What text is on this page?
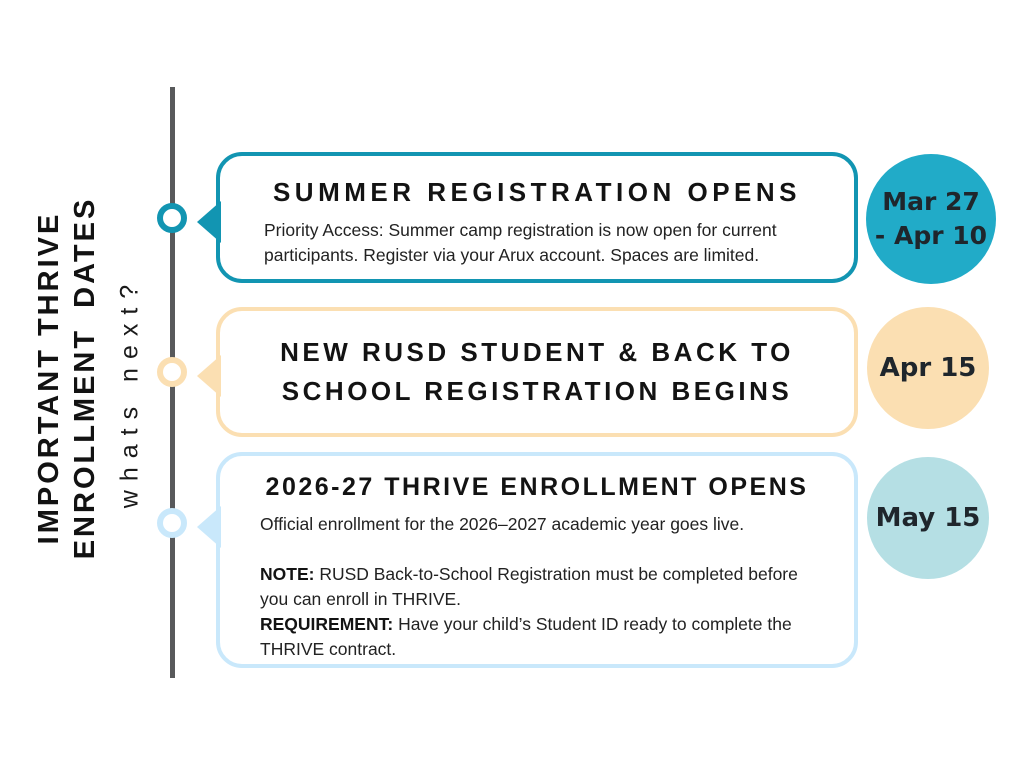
IMPORTANT THRIVE ENROLLMENT DATES whats next?
SUMMER REGISTRATION OPENS
Priority Access: Summer camp registration is now open for current participants. Register via your Arux account. Spaces are limited.
NEW RUSD STUDENT & BACK TO
SCHOOL REGISTRATION BEGINS
2026-27 THRIVE ENROLLMENT OPENS
Official enrollment for the 2026–2027 academic year goes live.
NOTE: RUSD Back-to-School Registration must be completed before you can enroll in THRIVE.
REQUIREMENT: Have your child’s Student ID ready to complete the THRIVE contract.
Mar 27
- Apr 10
Apr 15
May 15
